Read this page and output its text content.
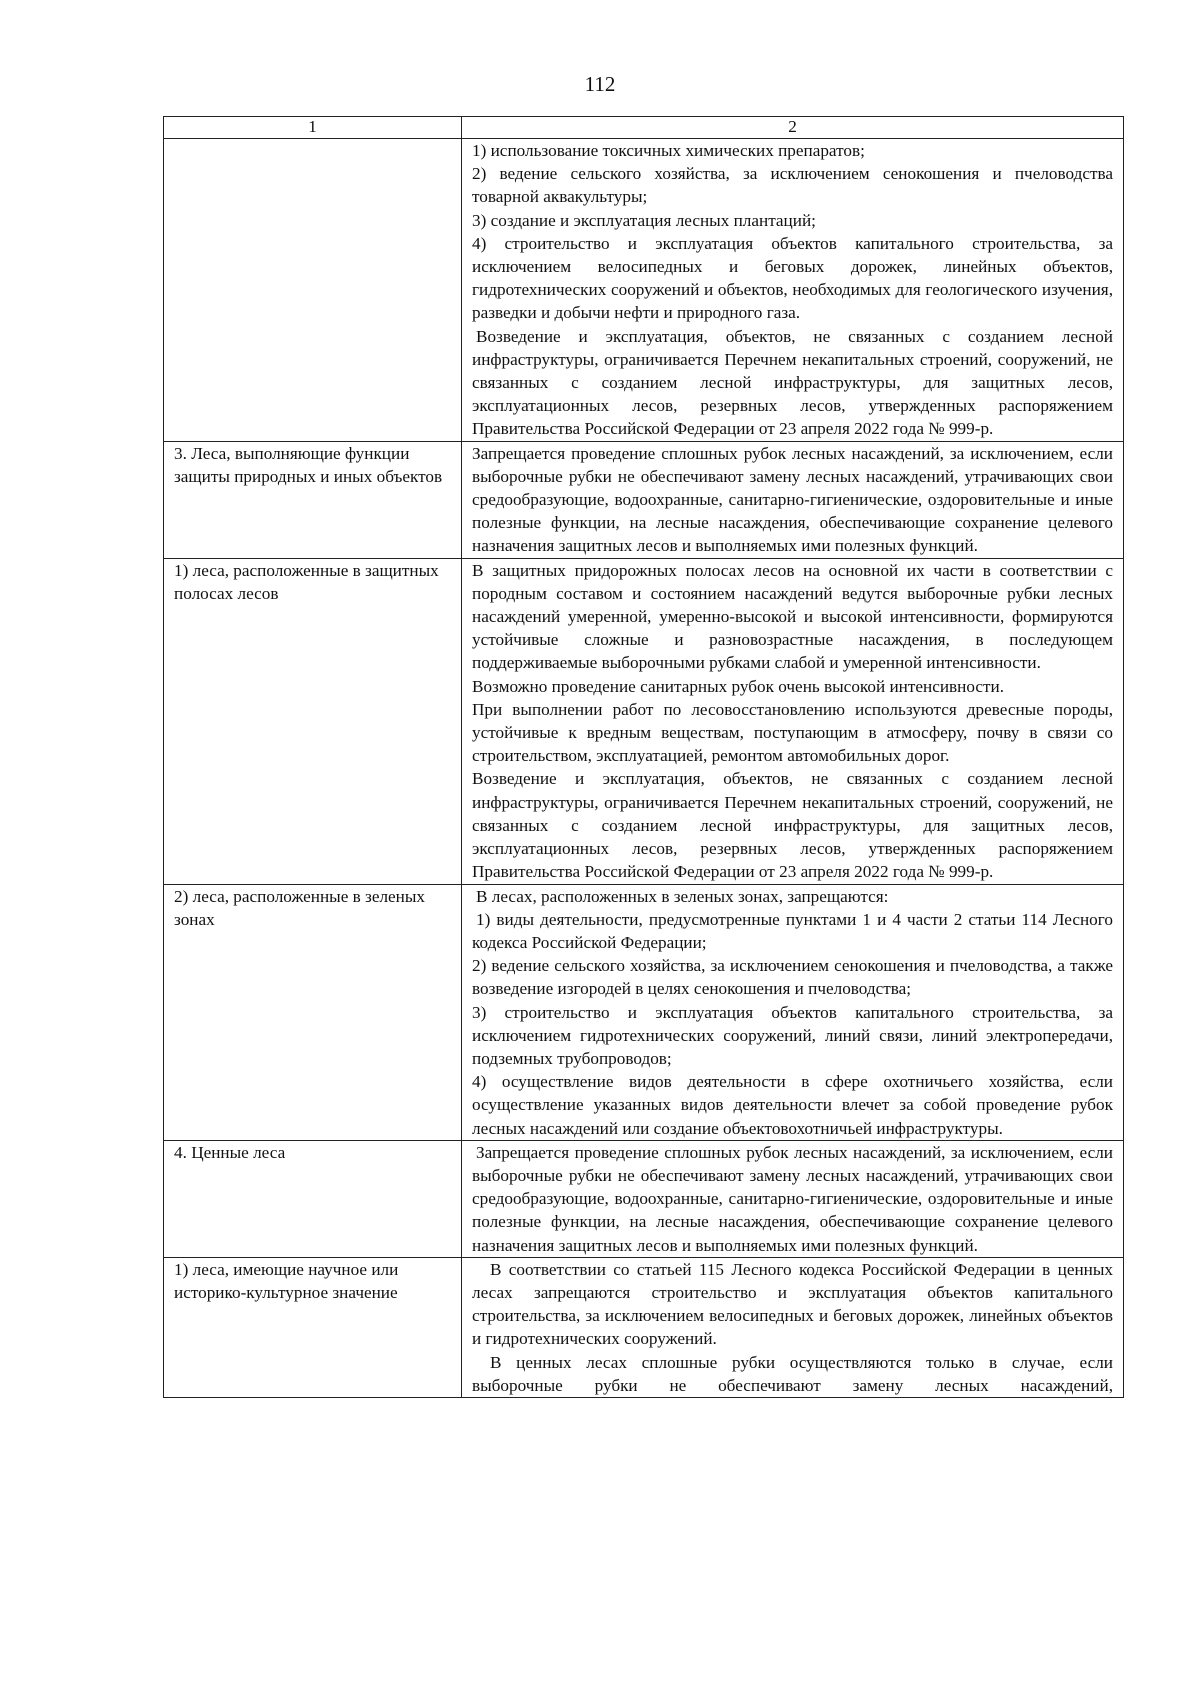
112
1	2

	1) использование токсичных химических препаратов;
2) ведение сельского хозяйства, за исключением сенокошения и пчеловодства товарной аквакультуры;
3) создание и эксплуатация лесных плантаций;
4) строительство и эксплуатация объектов капитального строительства, за исключением велосипедных и беговых дорожек, линейных объектов, гидротехнических сооружений и объектов, необходимых для геологического изучения, разведки и добычи нефти и природного газа.
Возведение и эксплуатация, объектов, не связанных с созданием лесной инфраструктуры, ограничивается Перечнем некапитальных строений, сооружений, не связанных с созданием лесной инфраструктуры, для защитных лесов, эксплуатационных лесов, резервных лесов, утвержденных распоряжением Правительства Российской Федерации от 23 апреля 2022 года № 999-р.

3. Леса, выполняющие функции защиты природных и иных объектов	Запрещается проведение сплошных рубок лесных насаждений, за исключением, если выборочные рубки не обеспечивают замену лесных насаждений, утрачивающих свои средообразующие, водоохранные, санитарно-гигиенические, оздоровительные и иные полезные функции, на лесные насаждения, обеспечивающие сохранение целевого назначения защитных лесов и выполняемых ими полезных функций.

1) леса, расположенные в защитных полосах лесов	В защитных придорожных полосах лесов на основной их части в соответствии с породным составом и состоянием насаждений ведутся выборочные рубки лесных насаждений умеренной, умеренно-высокой и высокой интенсивности, формируются устойчивые сложные и разновозрастные насаждения, в последующем поддерживаемые выборочными рубками слабой и умеренной интенсивности.
Возможно проведение санитарных рубок очень высокой интенсивности.
При выполнении работ по лесовосстановлению используются древесные породы, устойчивые к вредным веществам, поступающим в атмосферу, почву в связи со строительством, эксплуатацией, ремонтом автомобильных дорог.
Возведение и эксплуатация, объектов, не связанных с созданием лесной инфраструктуры, ограничивается Перечнем некапитальных строений, сооружений, не связанных с созданием лесной инфраструктуры, для защитных лесов, эксплуатационных лесов, резервных лесов, утвержденных распоряжением Правительства Российской Федерации от 23 апреля 2022 года № 999-р.

2) леса, расположенные в зеленых зонах	В лесах, расположенных в зеленых зонах, запрещаются:
1) виды деятельности, предусмотренные пунктами 1 и 4 части 2 статьи 114 Лесного кодекса Российской Федерации;
2) ведение сельского хозяйства, за исключением сенокошения и пчеловодства, а также возведение изгородей в целях сенокошения и пчеловодства;
3) строительство и эксплуатация объектов капитального строительства, за исключением гидротехнических сооружений, линий связи, линий электропередачи, подземных трубопроводов;
4) осуществление видов деятельности в сфере охотничьего хозяйства, если осуществление указанных видов деятельности влечет за собой проведение рубок лесных насаждений или создание объектовохотничьей инфраструктуры.

4. Ценные леса	Запрещается проведение сплошных рубок лесных насаждений, за исключением, если выборочные рубки не обеспечивают замену лесных насаждений, утрачивающих свои средообразующие, водоохранные, санитарно-гигиенические, оздоровительные и иные полезные функции, на лесные насаждения, обеспечивающие сохранение целевого назначения защитных лесов и выполняемых ими полезных функций.

1) леса, имеющие научное или историко-культурное значение	В соответствии со статьей 115 Лесного кодекса Российской Федерации в ценных лесах запрещаются строительство и эксплуатация объектов капитального строительства, за исключением велосипедных и беговых дорожек, линейных объектов и гидротехнических сооружений.
В ценных лесах сплошные рубки осуществляются только в случае, если выборочные рубки не обеспечивают замену лесных насаждений,
